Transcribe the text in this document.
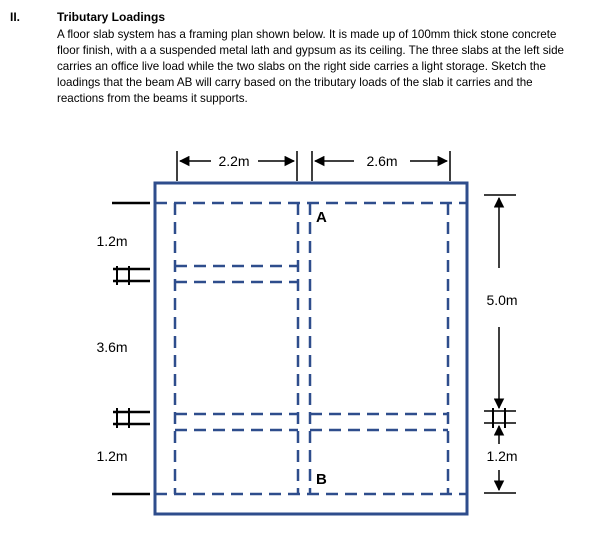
II.	Tributary Loadings
A floor slab system has a framing plan shown below. It is made up of 100mm thick stone concrete
floor finish, with a a suspended metal lath and gypsum as its ceiling. The three slabs at the left side
carries an office live load while the two slabs on the right side carries a light storage. Sketch the
loadings that the beam AB will carry based on the tributary loads of the slab it carries and the
reactions from the beams it supports.
2.2m	2.6m
1.2m
3.6m
1.2m
A
B
5.0m
1.2m
